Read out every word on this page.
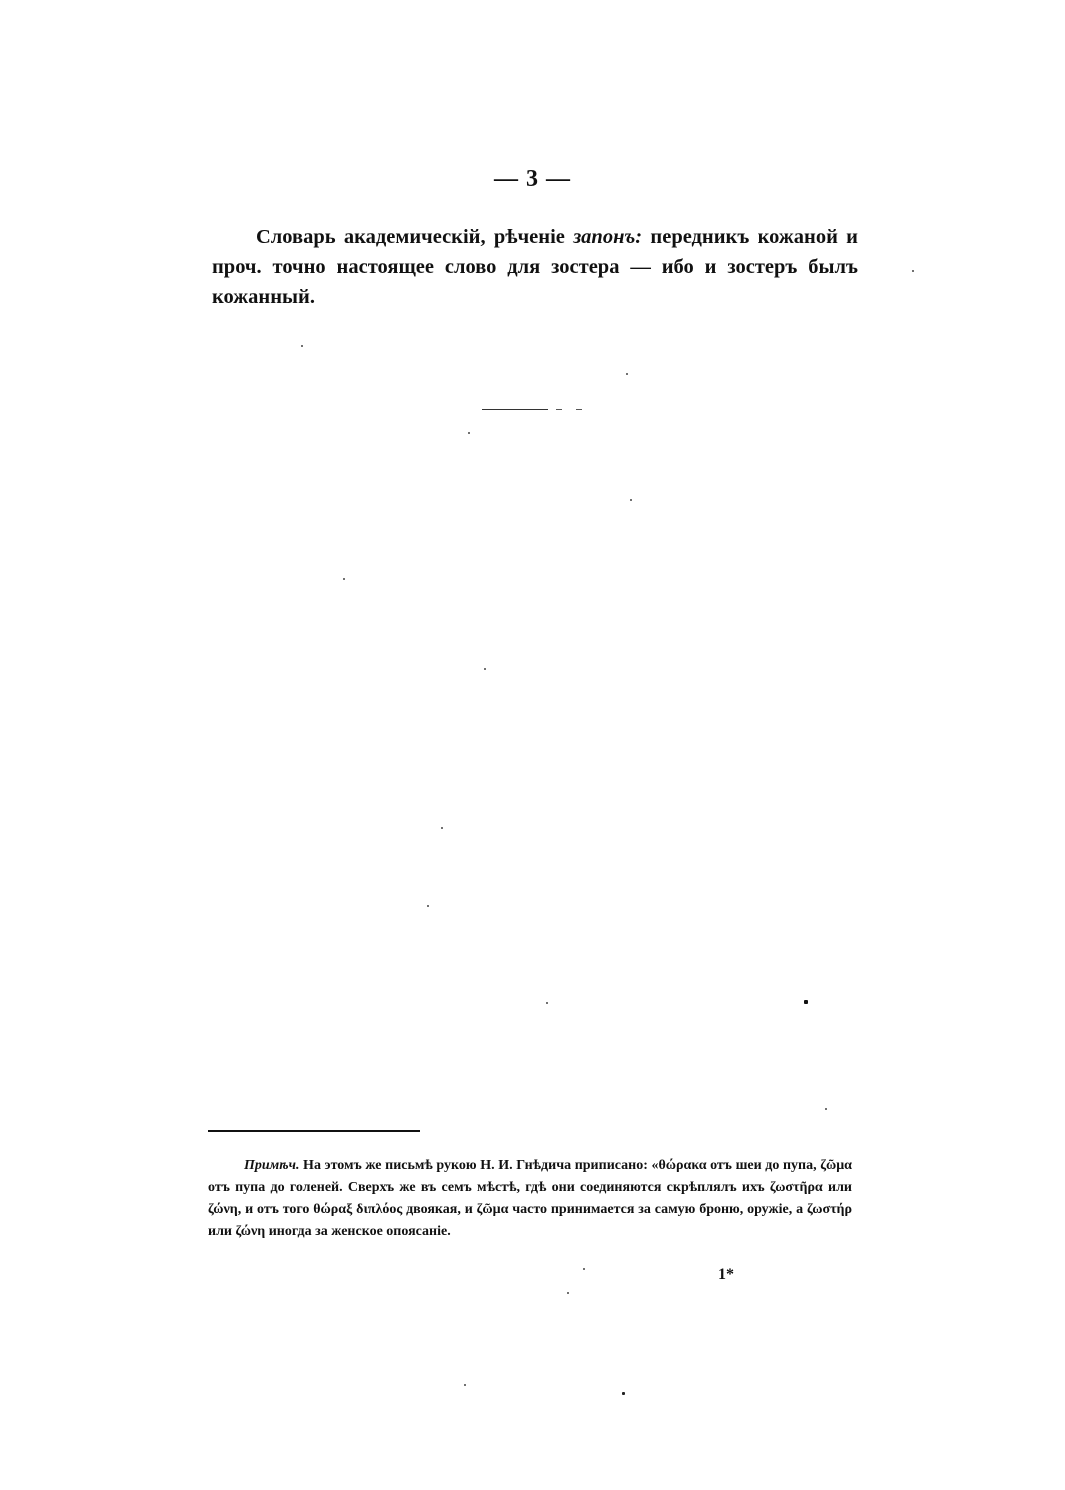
— 3 —

Словарь академическій, рѣченіе запонъ: передникъ кожаной и проч. точно настоящее слово для зостера — ибо и зостеръ былъ кожанный.

Примѣч. На этомъ же письмѣ рукою Н. И. Гнѣдича приписано: «θώρακα отъ шеи до пупа, ζῶμα отъ пупа до голеней. Сверхъ же въ семъ мѣстѣ, гдѣ они соединяются скрѣплялъ ихъ ζωστῆρα или ζώνη, и отъ того θώραξ διπλόος двоякая, и ζῶμα часто принимается за самую броню, оружіе, а ζωστήρ или ζώνη иногда за женское опоясаніе.

1*
